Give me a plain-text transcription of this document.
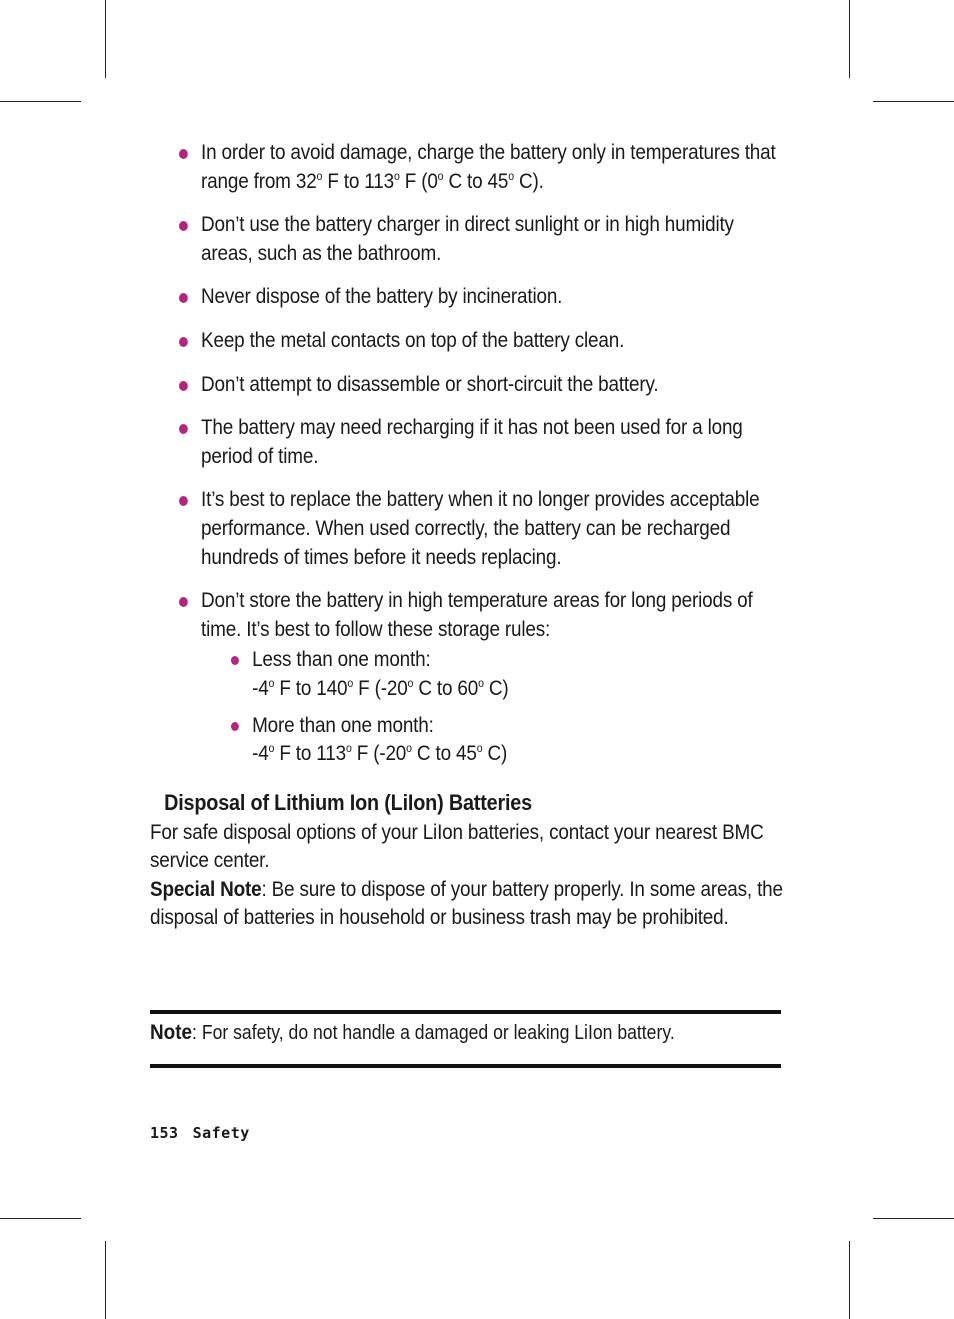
In order to avoid damage, charge the battery only in temperatures that range from 32$^o$ F to 113$^o$ F (0$^o$ C to 45$^o$ C).
Don’t use the battery charger in direct sunlight or in high humidity areas, such as the bathroom.
Never dispose of the battery by incineration.
Keep the metal contacts on top of the battery clean.
Don’t attempt to disassemble or short-circuit the battery.
The battery may need recharging if it has not been used for a long period of time.
It’s best to replace the battery when it no longer provides acceptable performance. When used correctly, the battery can be recharged hundreds of times before it needs replacing.
Don’t store the battery in high temperature areas for long periods of time. It’s best to follow these storage rules:
Less than one month:
-4$^o$ F to 140$^o$ F (-20$^o$ C to 60$^o$ C)
More than one month:
-4$^o$ F to 113$^o$ F (-20$^o$ C to 45$^o$ C)
Disposal of Lithium Ion (LiIon) Batteries

For safe disposal options of your LiIon batteries, contact your nearest BMC service center.

Special Note: Be sure to dispose of your battery properly. In some areas, the disposal of batteries in household or business trash may be prohibited.

Note: For safety, do not handle a damaged or leaking LiIon battery.
153 Safety
